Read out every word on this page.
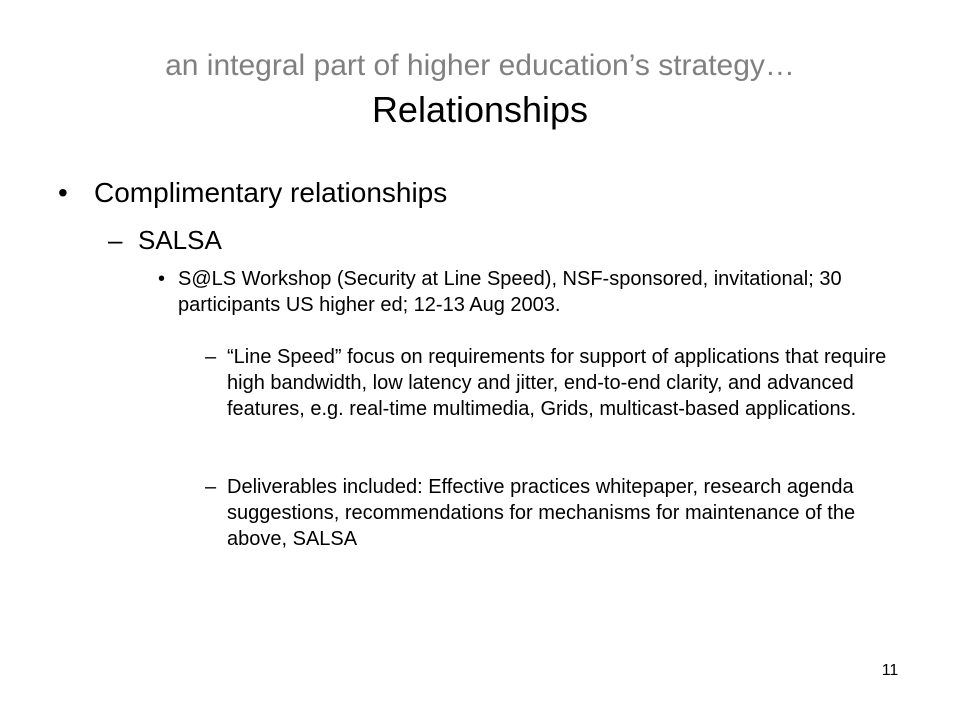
an integral part of higher education’s strategy…
Relationships
• Complimentary relationships
– SALSA
• S@LS Workshop (Security at Line Speed), NSF-sponsored, invitational; 30 participants US higher ed; 12-13 Aug 2003.
– “Line Speed” focus on requirements for support of applications that require high bandwidth, low latency and jitter, end-to-end clarity, and advanced features, e.g. real-time multimedia, Grids, multicast-based applications.
– Deliverables included: Effective practices whitepaper, research agenda suggestions, recommendations for mechanisms for maintenance of the above, SALSA
11
